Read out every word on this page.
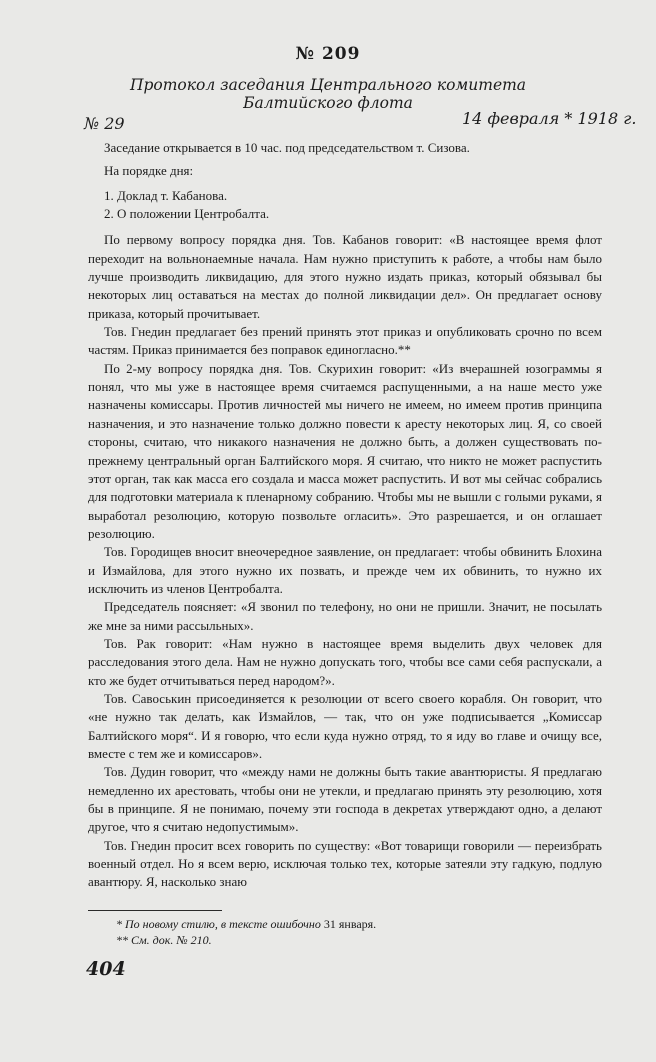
№ 209
Протокол заседания Центрального комитета
Балтийского флота
№ 29	14 февраля * 1918 г.

Заседание открывается в 10 час. под председательством т. Сизова.

На порядке дня:

1. Доклад т. Кабанова.
2. О положении Центробалта.

По первому вопросу порядка дня. Тов. Кабанов говорит: «В настоящее время флот переходит на вольнонаемные начала. Нам нужно приступить к работе, а чтобы нам было лучше производить ликвидацию, для этого нужно издать приказ, который обязывал бы некоторых лиц оставаться на местах до полной ликвидации дел». Он предлагает основу приказа, который прочитывает.

Тов. Гнедин предлагает без прений принять этот приказ и опубликовать срочно по всем частям. Приказ принимается без поправок единогласно.**

По 2-му вопросу порядка дня. Тов. Скурихин говорит: «Из вчерашней юзограммы я понял, что мы уже в настоящее время считаемся распущенными, а на наше место уже назначены комиссары. Против личностей мы ничего не имеем, но имеем против принципа назначения, и это назначение только должно повести к аресту некоторых лиц. Я, со своей стороны, считаю, что никакого назначения не должно быть, а должен существовать по-прежнему центральный орган Балтийского моря. Я считаю, что никто не может распустить этот орган, так как масса его создала и масса может распустить. И вот мы сейчас собрались для подготовки материала к пленарному собранию. Чтобы мы не вышли с голыми руками, я выработал резолюцию, которую позвольте огласить». Это разрешается, и он оглашает резолюцию.

Тов. Городищев вносит внеочередное заявление, он предлагает: чтобы обвинить Блохина и Измайлова, для этого нужно их позвать, и прежде чем их обвинить, то нужно их исключить из членов Центробалта.

Председатель поясняет: «Я звонил по телефону, но они не пришли. Значит, не посылать же мне за ними рассыльных».

Тов. Рак говорит: «Нам нужно в настоящее время выделить двух человек для расследования этого дела. Нам не нужно допускать того, чтобы все сами себя распускали, а кто же будет отчитываться перед народом?».

Тов. Савоськин присоединяется к резолюции от всего своего корабля. Он говорит, что «не нужно так делать, как Измайлов, — так, что он уже подписывается „Комиссар Балтийского моря“. И я говорю, что если куда нужно отряд, то я иду во главе и очищу все, вместе с тем же и комиссаров».

Тов. Дудин говорит, что «между нами не должны быть такие авантюристы. Я предлагаю немедленно их арестовать, чтобы они не утекли, и предлагаю принять эту резолюцию, хотя бы в принципе. Я не понимаю, почему эти господа в декретах утверждают одно, а делают другое, что я считаю недопустимым».

Тов. Гнедин просит всех говорить по существу: «Вот товарищи говорили — переизбрать военный отдел. Но я всем верю, исключая только тех, которые затеяли эту гадкую, подлую авантюру. Я, насколько знаю

* По новому стилю, в тексте ошибочно 31 января.
** См. док. № 210.
404
